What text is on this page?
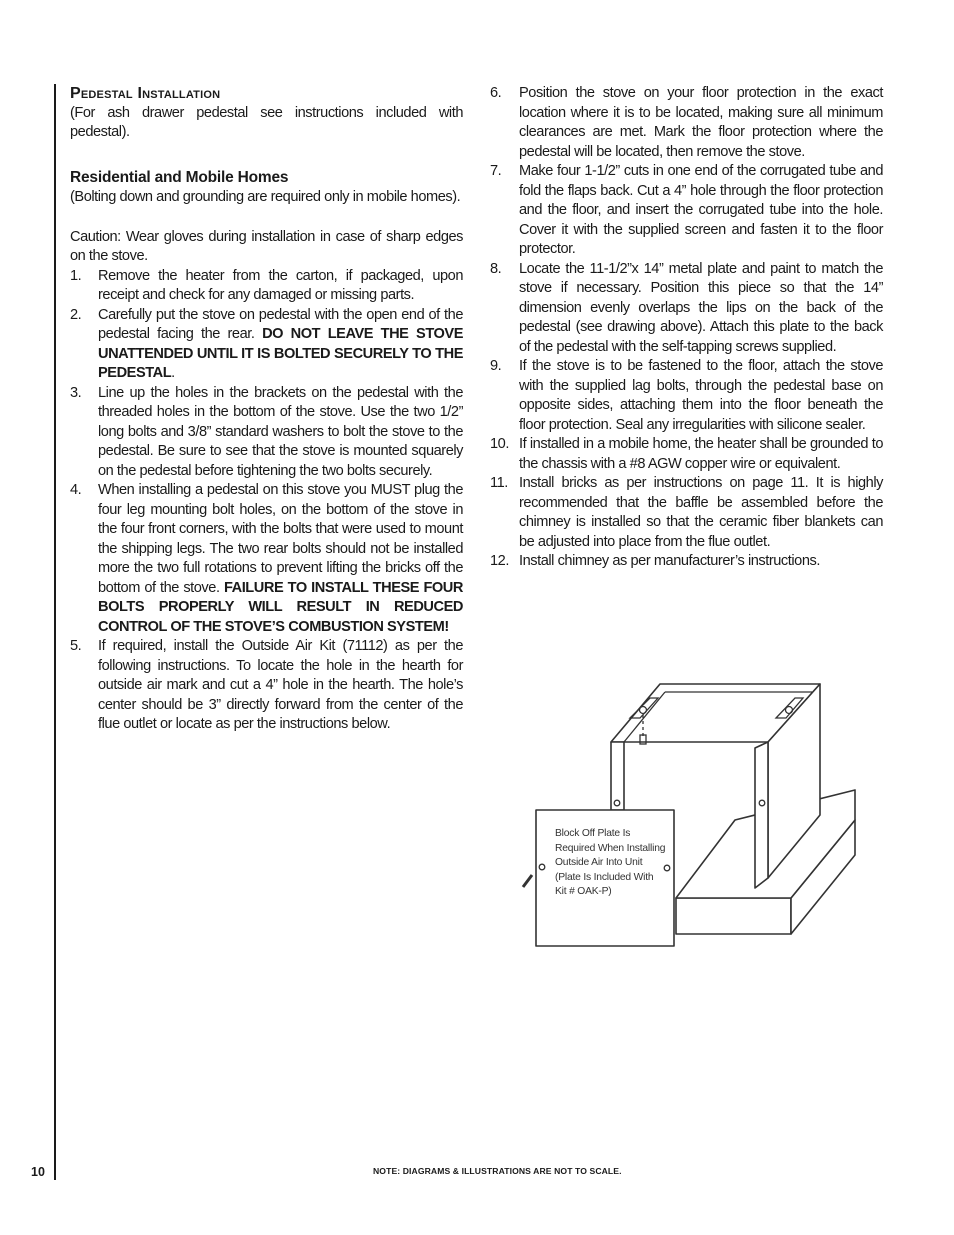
Pedestal Installation

(For ash drawer pedestal see instructions included with pedestal).

Residential and Mobile Homes

(Bolting down and grounding are required only in mobile homes).

Caution: Wear gloves during installation in case of sharp edges on the stove.

1.	Remove the heater from the carton, if packaged, upon receipt and check for any damaged or missing parts.
2.	Carefully put the stove on pedestal with the open end of the pedestal facing the rear. DO NOT LEAVE THE STOVE UNATTENDED UNTIL IT IS BOLTED SECURELY TO THE PEDESTAL.
3.	Line up the holes in the brackets on the pedestal with the threaded holes in the bottom of the stove. Use the two 1/2” long bolts and 3/8” standard washers to bolt the stove to the pedestal. Be sure to see that the stove is mounted squarely on the pedestal before tightening the two bolts securely.
4.	When installing a pedestal on this stove you MUST plug the four leg mounting bolt holes, on the bottom of the stove in the four front corners, with the bolts that were used to mount the shipping legs. The two rear bolts should not be installed more the two full rotations to prevent lifting the bricks off the bottom of the stove. FAILURE TO INSTALL THESE FOUR BOLTS PROPERLY WILL RESULT IN REDUCED CONTROL OF THE STOVE’S COMBUSTION SYSTEM!
5.	If required, install the Outside Air Kit (71112) as per the following instructions. To locate the hole in the hearth for outside air mark and cut a 4” hole in the hearth. The hole’s center should be 3” directly forward from the center of the flue outlet or locate as per the instructions below.
6.	Position the stove on your floor protection in the exact location where it is to be located, making sure all minimum clearances are met. Mark the floor protection where the pedestal will be located, then remove the stove.
7.	Make four 1-1/2” cuts in one end of the corrugated tube and fold the flaps back. Cut a 4” hole through the floor protection and the floor, and insert the corrugated tube into the hole. Cover it with the supplied screen and fasten it to the floor protector.
8.	Locate the 11-1/2”x 14” metal plate and paint to match the stove if necessary. Position this piece so that the 14” dimension evenly overlaps the lips on the back of the pedestal (see drawing above). Attach this plate to the back of the pedestal with the self-tapping screws supplied.
9.	If the stove is to be fastened to the floor, attach the stove with the supplied lag bolts, through the pedestal base on opposite sides, attaching them into the floor beneath the floor protection. Seal any irregularities with silicone sealer.
10. If installed in a mobile home, the heater shall be grounded to the chassis with a #8 AGW copper wire or equivalent.
11. Install bricks as per instructions on page 11. It is highly recommended that the baffle be assembled before the chimney is installed so that the ceramic fiber blankets can be adjusted into place from the flue outlet.
12. Install chimney as per manufacturer’s instructions.
Block Off Plate Is Required When Installing Outside Air Into Unit (Plate Is Included With Kit # OAK-P)
10	NOTE: DIAGRAMS & ILLUSTRATIONS ARE NOT TO SCALE.
